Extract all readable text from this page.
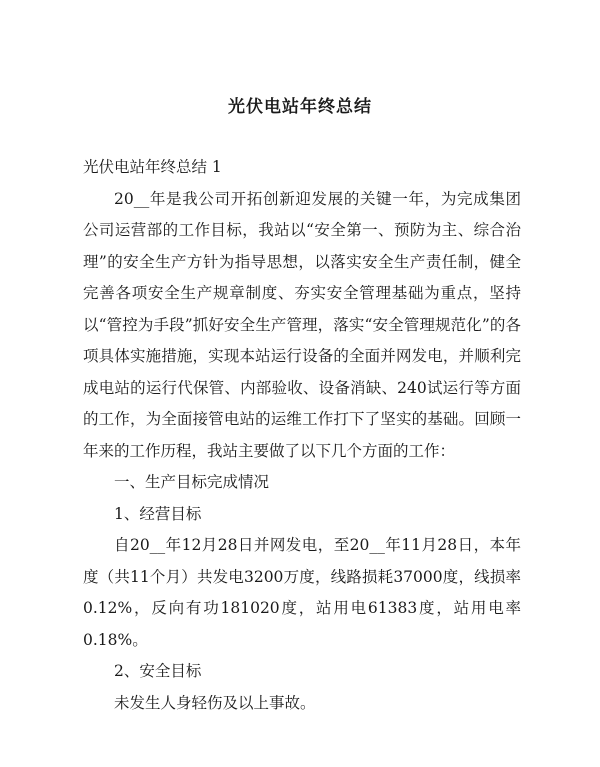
光伏电站年终总结

光伏电站年终总结 1

20__年是我公司开拓创新迎发展的关键一年，为完成集团公司运营部的工作目标，我站以“安全第一、预防为主、综合治理”的安全生产方针为指导思想，以落实安全生产责任制，健全完善各项安全生产规章制度、夯实安全管理基础为重点，坚持以“管控为手段”抓好安全生产管理，落实“安全管理规范化”的各项具体实施措施，实现本站运行设备的全面并网发电，并顺利完成电站的运行代保管、内部验收、设备消缺、240试运行等方面的工作，为全面接管电站的运维工作打下了坚实的基础。回顾一年来的工作历程，我站主要做了以下几个方面的工作：

一、生产目标完成情况

1、经营目标

自20__年12月28日并网发电，至20__年11月28日，本年度（共11个月）共发电3200万度，线路损耗37000度，线损率0.12%，反向有功181020度，站用电61383度，站用电率0.18%。

2、安全目标

未发生人身轻伤及以上事故。
